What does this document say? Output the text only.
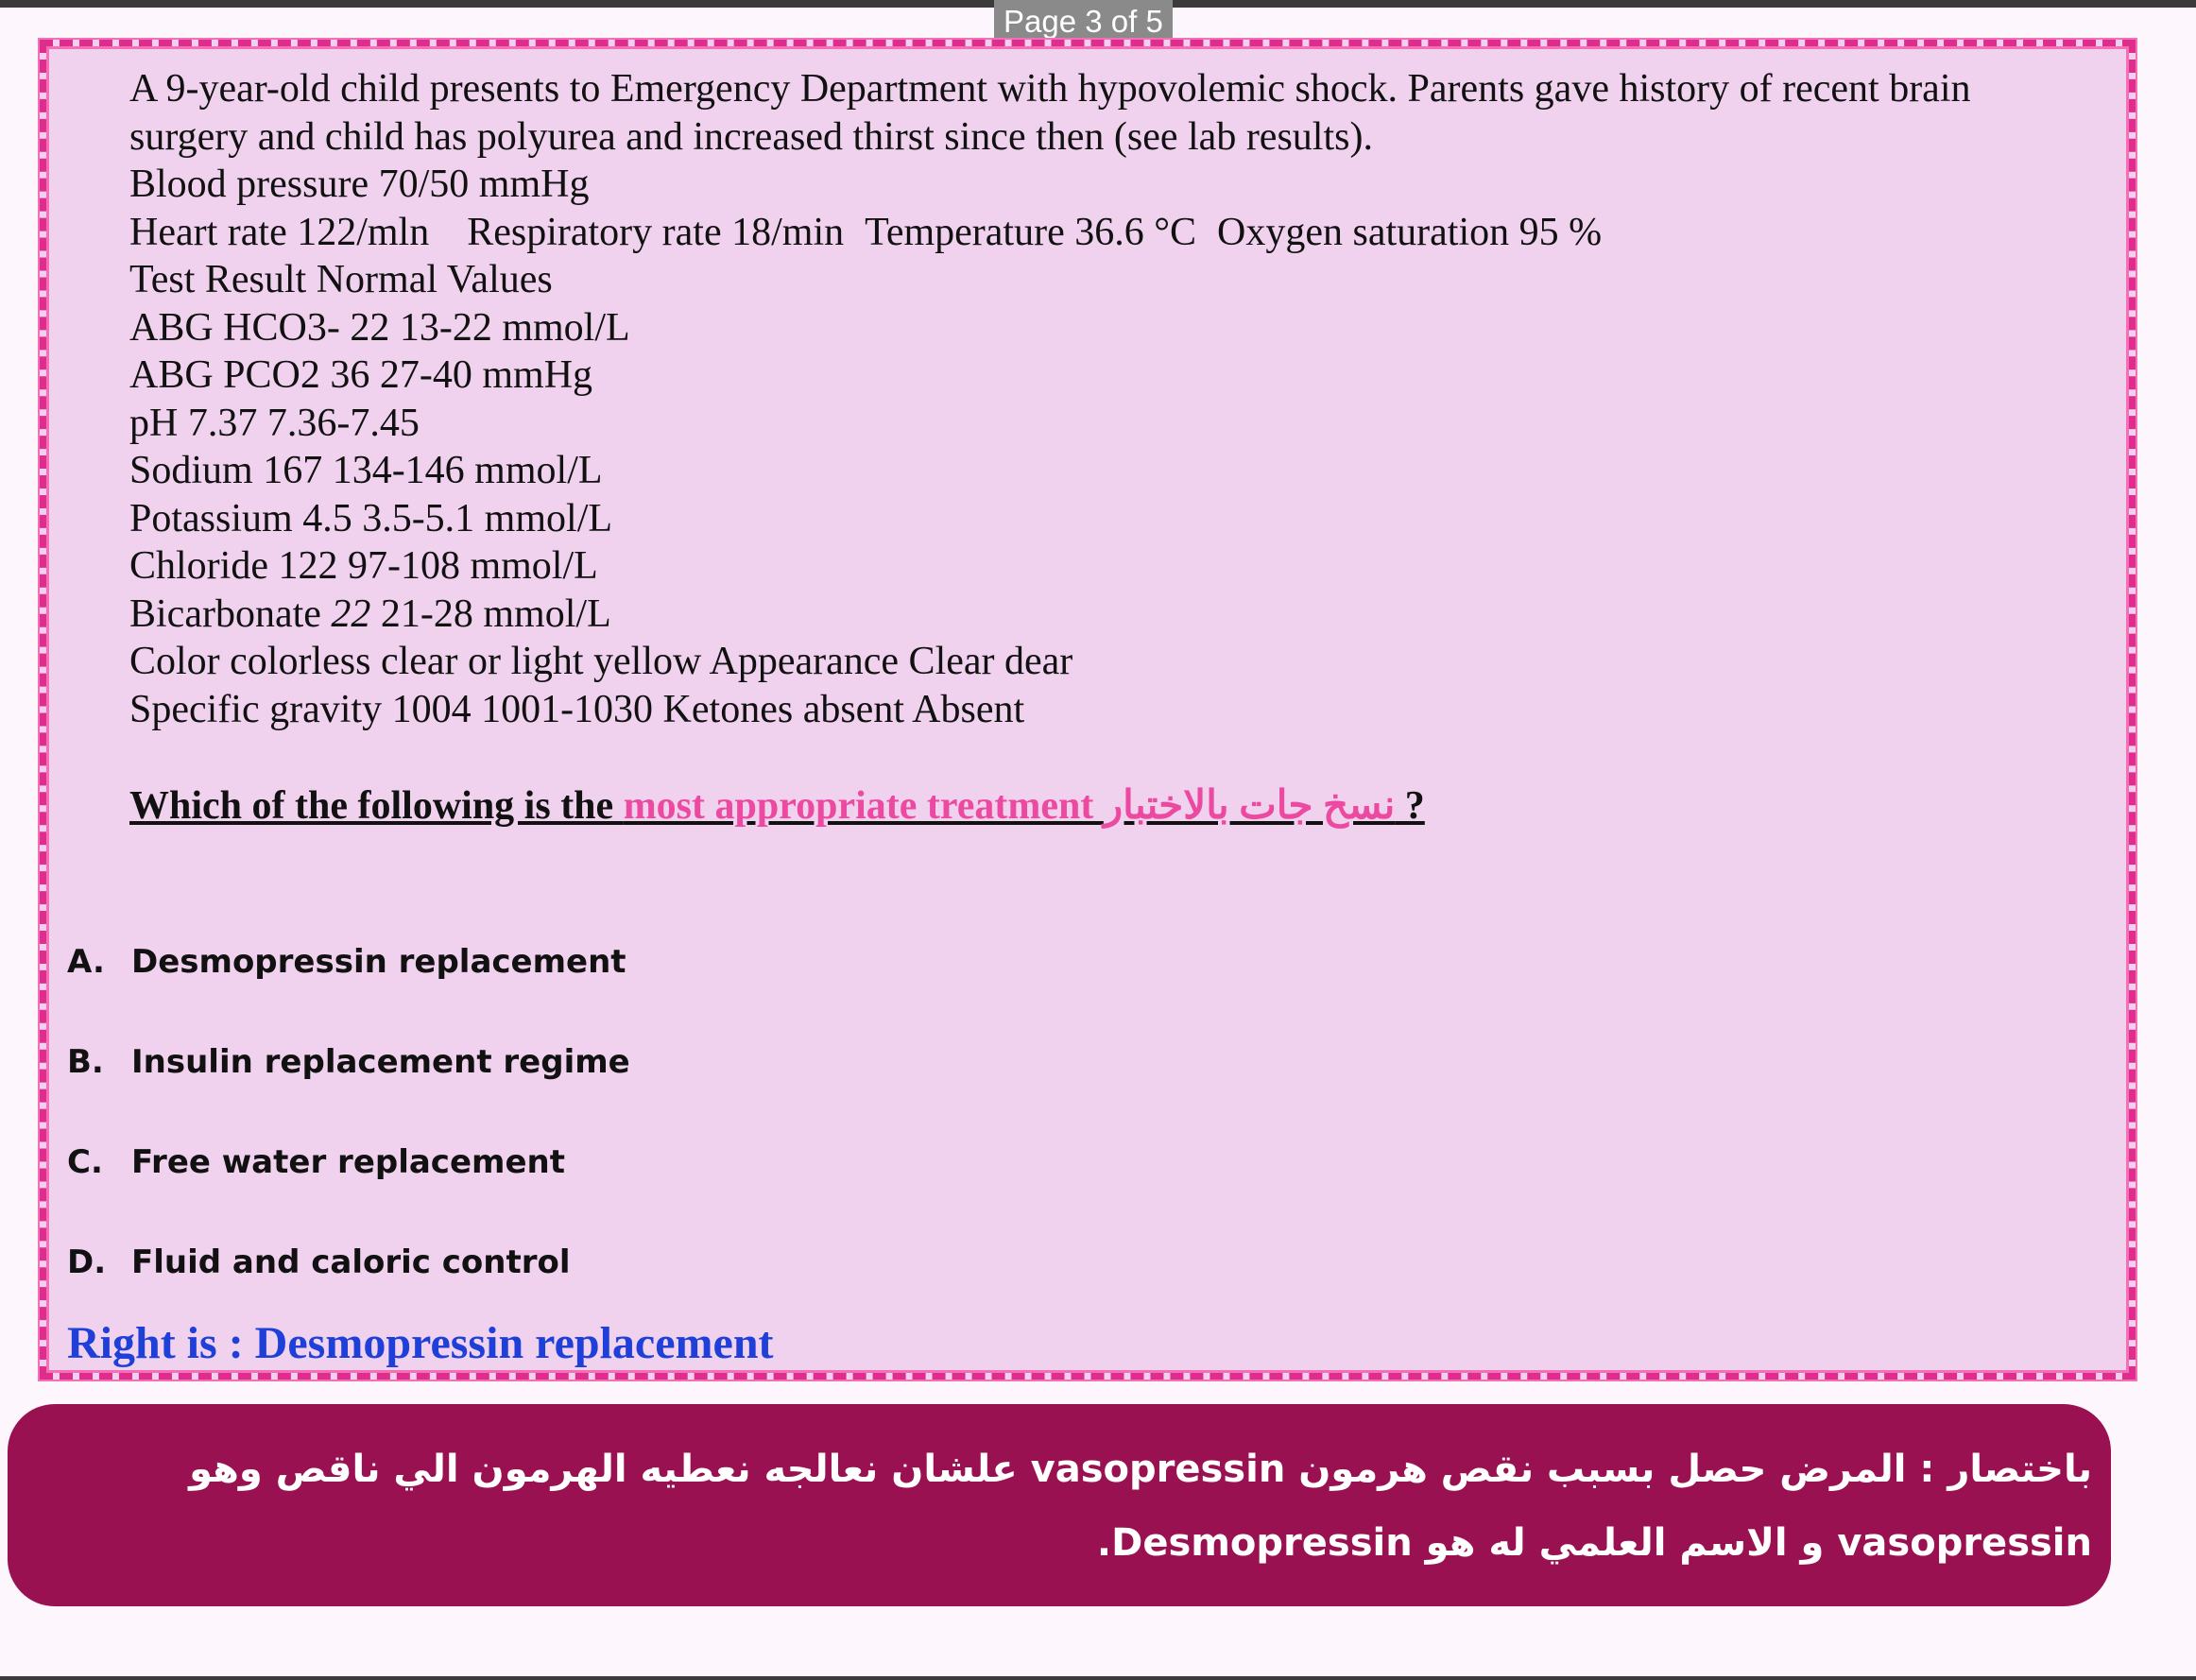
Page 3 of 5
A 9-year-old child presents to Emergency Department with hypovolemic shock. Parents gave history of recent brain
surgery and child has polyurea and increased thirst since then (see lab results).
Blood pressure 70/50 mmHg
Heart rate 122/mln Respiratory rate 18/min Temperature 36.6 °C Oxygen saturation 95 %
Test Result Normal Values
ABG HCO3- 22 13-22 mmol/L
ABG PCO2 36 27-40 mmHg
pH 7.37 7.36-7.45
Sodium 167 134-146 mmol/L
Potassium 4.5 3.5-5.1 mmol/L
Chloride 122 97-108 mmol/L
Bicarbonate 22 21-28 mmol/L
Color colorless clear or light yellow Appearance Clear dear
Specific gravity 1004 1001-1030 Ketones absent Absent
Which of the following is the most appropriate treatment نسخ جات بالاختبار ?
A. Desmopressin replacement
B. Insulin replacement regime
C. Free water replacement
D. Fluid and caloric control
Right is : Desmopressin replacement
باختصار : المرض حصل بسبب نقص هرمون vasopressin علشان نعالجه نعطيه الهرمون الي ناقص وهو
vasopressin و الاسم العلمي له هو Desmopressin.
